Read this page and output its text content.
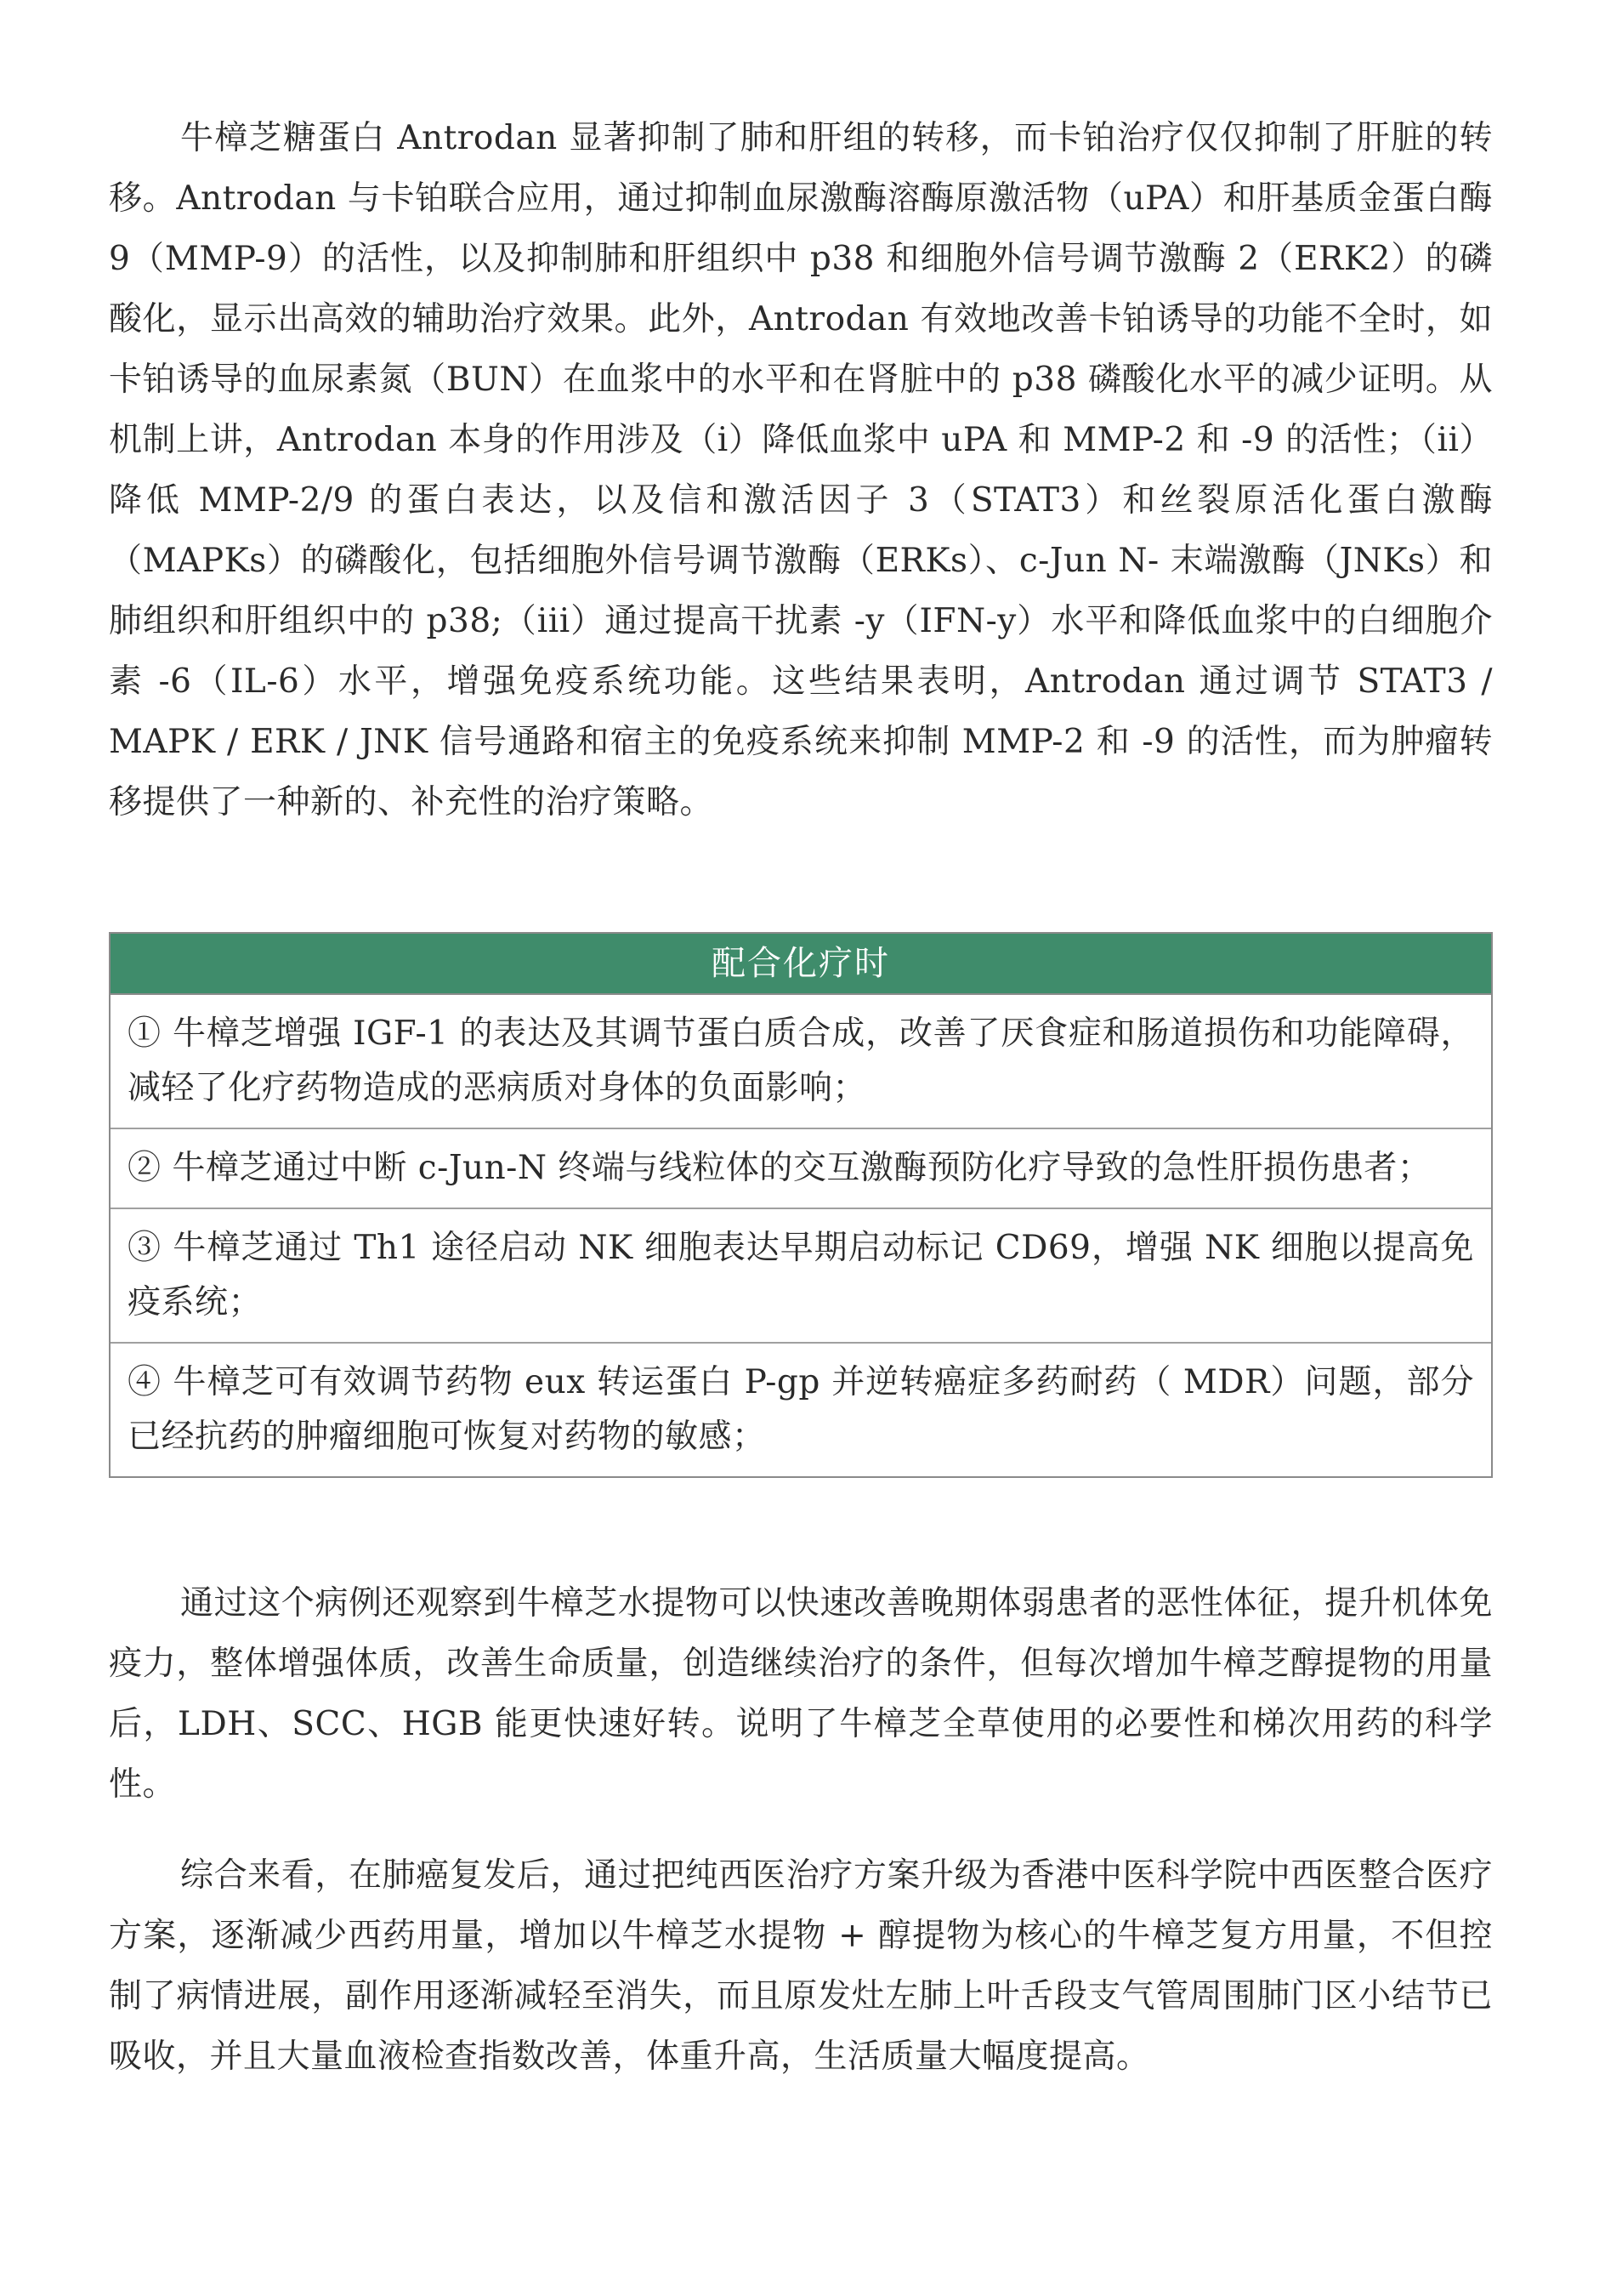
牛樟芝糖蛋白 Antrodan 显著抑制了肺和肝组的转移，而卡铂治疗仅仅抑制了肝脏的转移。Antrodan 与卡铂联合应用，通过抑制血尿激酶溶酶原激活物（uPA）和肝基质金蛋白酶 9（MMP-9）的活性，以及抑制肺和肝组织中 p38 和细胞外信号调节激酶 2（ERK2）的磷酸化，显示出高效的辅助治疗效果。此外，Antrodan 有效地改善卡铂诱导的功能不全时，如卡铂诱导的血尿素氮（BUN）在血浆中的水平和在肾脏中的 p38 磷酸化水平的减少证明。从机制上讲，Antrodan 本身的作用涉及（i）降低血浆中 uPA 和 MMP-2 和 -9 的活性；（ii）降低 MMP-2/9 的蛋白表达，以及信和激活因子 3（STAT3）和丝裂原活化蛋白激酶（MAPKs）的磷酸化，包括细胞外信号调节激酶（ERKs）、c-Jun N- 末端激酶（JNKs）和肺组织和肝组织中的 p38;（iii）通过提高干扰素 -y（IFN-y）水平和降低血浆中的白细胞介素 -6（IL-6）水平，增强免疫系统功能。这些结果表明，Antrodan 通过调节 STAT3 / MAPK / ERK / JNK 信号通路和宿主的免疫系统来抑制 MMP-2 和 -9 的活性，而为肿瘤转移提供了一种新的、补充性的治疗策略。

配合化疗时
① 牛樟芝增强 IGF-1 的表达及其调节蛋白质合成，改善了厌食症和肠道损伤和功能障碍，减轻了化疗药物造成的恶病质对身体的负面影响；
② 牛樟芝通过中断 c-Jun-N 终端与线粒体的交互激酶预防化疗导致的急性肝损伤患者；
③ 牛樟芝通过 Th1 途径启动 NK 细胞表达早期启动标记 CD69，增强 NK 细胞以提高免疫系统；
④ 牛樟芝可有效调节药物 eux 转运蛋白 P-gp 并逆转癌症多药耐药（ MDR）问题，部分已经抗药的肿瘤细胞可恢复对药物的敏感；

通过这个病例还观察到牛樟芝水提物可以快速改善晚期体弱患者的恶性体征，提升机体免疫力，整体增强体质，改善生命质量，创造继续治疗的条件，但每次增加牛樟芝醇提物的用量后，LDH、SCC、HGB 能更快速好转。说明了牛樟芝全草使用的必要性和梯次用药的科学性。

综合来看，在肺癌复发后，通过把纯西医治疗方案升级为香港中医科学院中西医整合医疗方案，逐渐减少西药用量，增加以牛樟芝水提物 + 醇提物为核心的牛樟芝复方用量，不但控制了病情进展，副作用逐渐减轻至消失，而且原发灶左肺上叶舌段支气管周围肺门区小结节已吸收，并且大量血液检查指数改善，体重升高，生活质量大幅度提高。
